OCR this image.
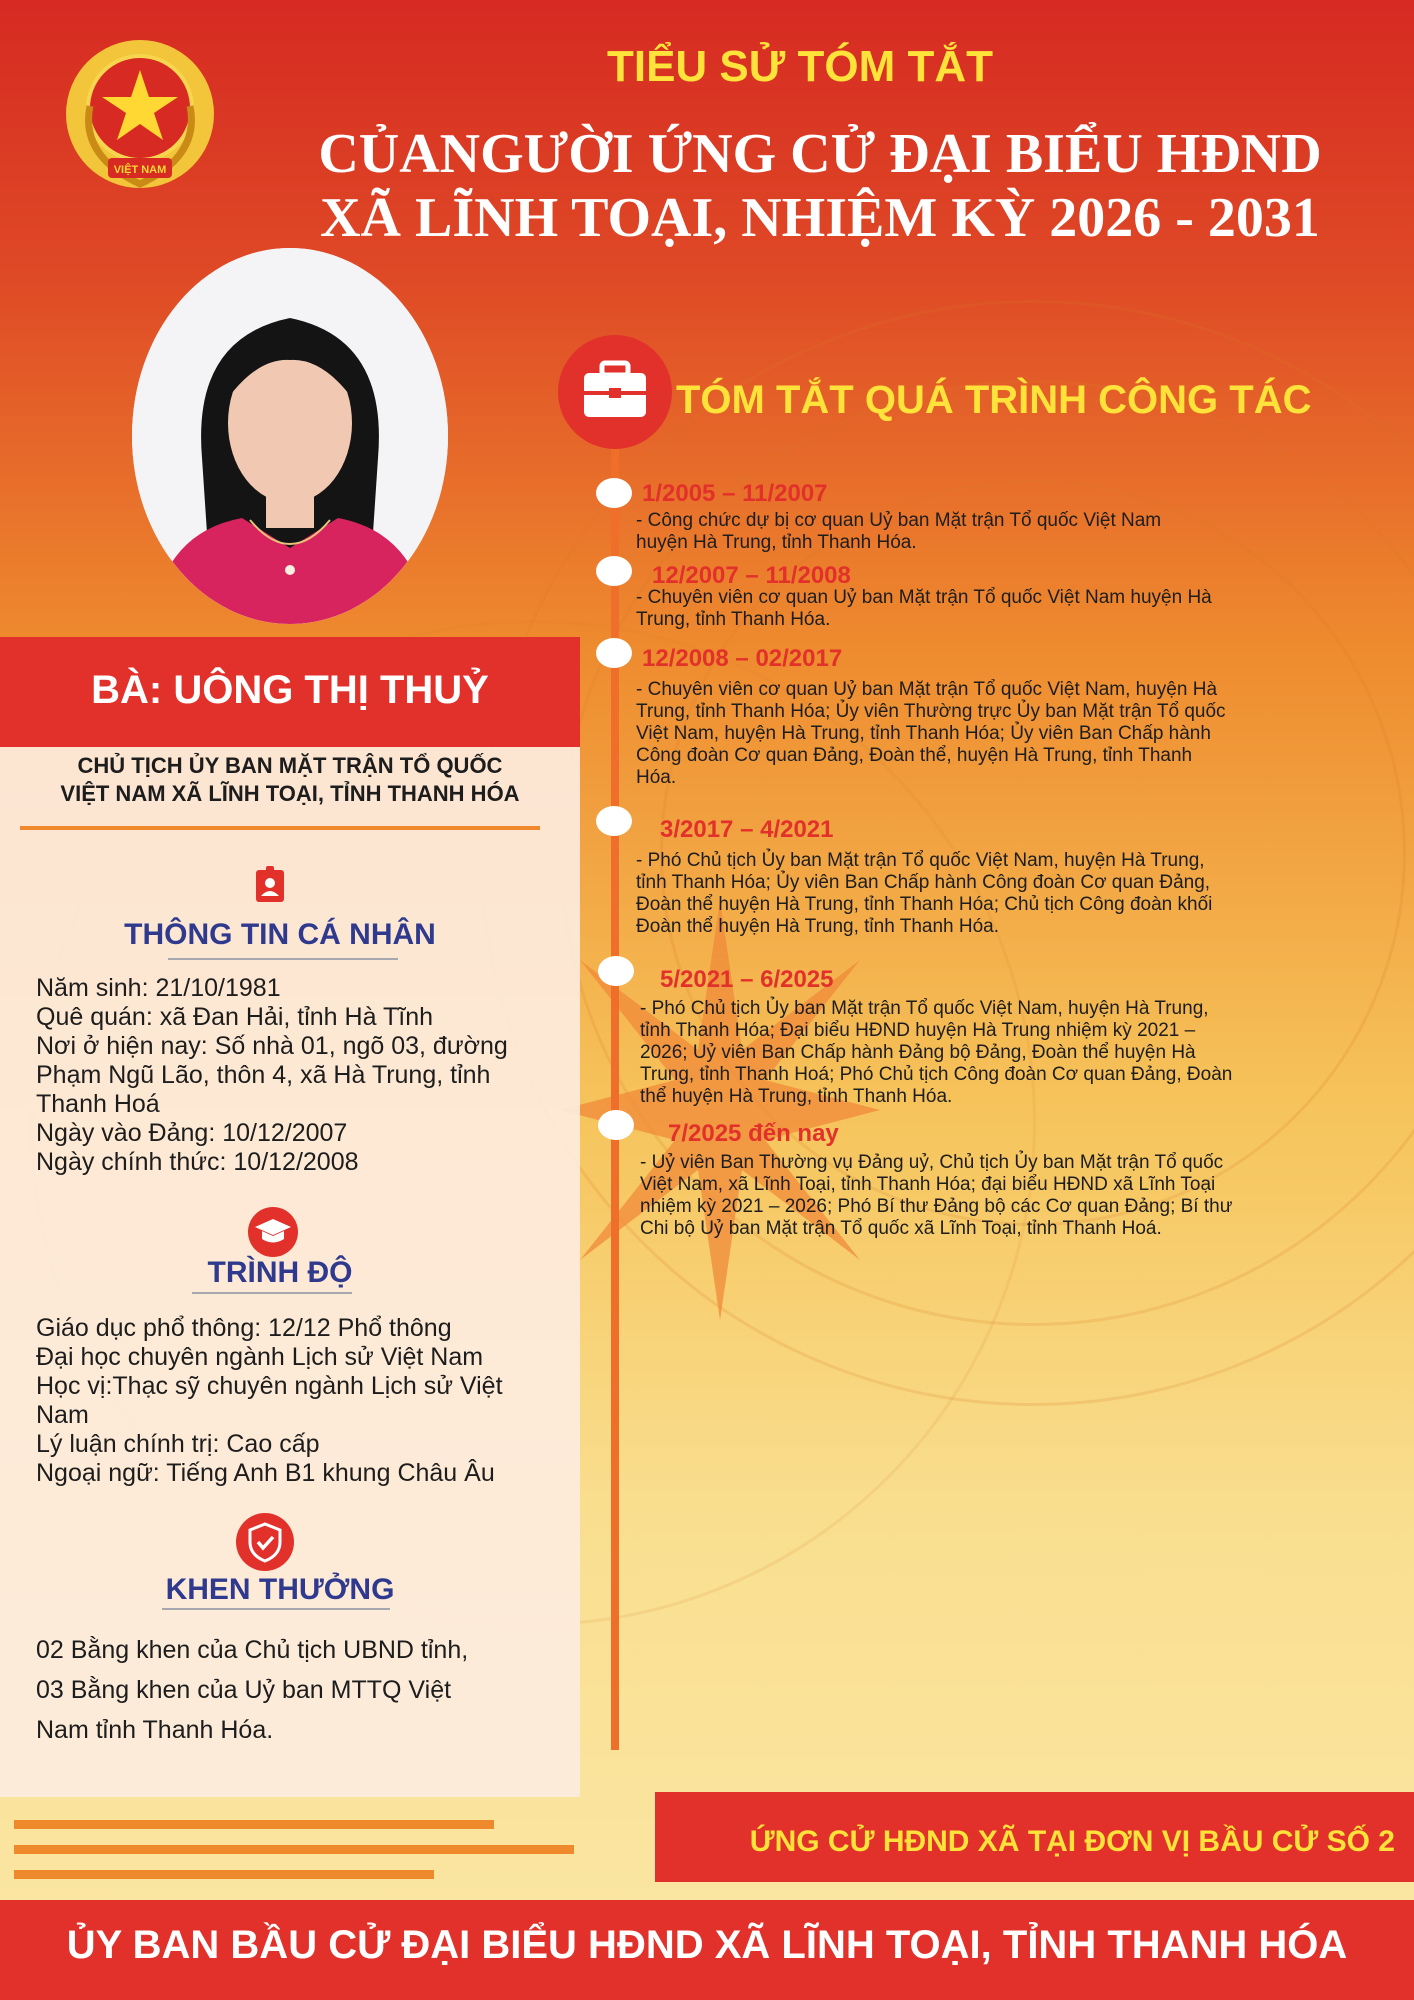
VIỆT NAM
TIỂU SỬ TÓM TẮT
CỦANGƯỜI ỨNG CỬ ĐẠI BIỂU HĐND
XÃ LĨNH TOẠI, NHIỆM KỲ 2026 - 2031
BÀ: UÔNG THỊ THUỶ
CHỦ TỊCH ỦY BAN MẶT TRẬN TỔ QUỐC
VIỆT NAM XÃ LĨNH TOẠI, TỈNH THANH HÓA
THÔNG TIN CÁ NHÂN
Năm sinh: 21/10/1981
Quê quán: xã Đan Hải, tỉnh Hà Tĩnh
Nơi ở hiện nay: Số nhà 01, ngõ 03, đường
Phạm Ngũ Lão, thôn 4, xã Hà Trung, tỉnh
Thanh Hoá
Ngày vào Đảng: 10/12/2007
Ngày chính thức: 10/12/2008
TRÌNH ĐỘ
Giáo dục phổ thông: 12/12 Phổ thông
Đại học chuyên ngành Lịch sử Việt Nam
Học vị:Thạc sỹ chuyên ngành Lịch sử Việt
Nam
Lý luận chính trị: Cao cấp
Ngoại ngữ: Tiếng Anh B1 khung Châu Âu
KHEN THƯỞNG
02 Bằng khen của Chủ tịch UBND tỉnh,
03 Bằng khen của Uỷ ban MTTQ Việt
Nam tỉnh Thanh Hóa.
TÓM TẮT QUÁ TRÌNH CÔNG TÁC
1/2005 – 11/2007
- Công chức dự bị cơ quan Uỷ ban Mặt trận Tổ quốc Việt Nam
huyện Hà Trung, tỉnh Thanh Hóa.
12/2007 – 11/2008
- Chuyên viên cơ quan Uỷ ban Mặt trận Tổ quốc Việt Nam huyện Hà
Trung, tỉnh Thanh Hóa.
12/2008 – 02/2017
- Chuyên viên cơ quan Uỷ ban Mặt trận Tổ quốc Việt Nam, huyện Hà
Trung, tỉnh Thanh Hóa; Ủy viên Thường trực Ủy ban Mặt trận Tổ quốc
Việt Nam, huyện Hà Trung, tỉnh Thanh Hóa; Ủy viên Ban Chấp hành
Công đoàn Cơ quan Đảng, Đoàn thể, huyện Hà Trung, tỉnh Thanh
Hóa.
3/2017 – 4/2021
- Phó Chủ tịch Ủy ban Mặt trận Tổ quốc Việt Nam, huyện Hà Trung,
tỉnh Thanh Hóa; Ủy viên Ban Chấp hành Công đoàn Cơ quan Đảng,
Đoàn thể huyện Hà Trung, tỉnh Thanh Hóa; Chủ tịch Công đoàn khối
Đoàn thể huyện Hà Trung, tỉnh Thanh Hóa.
5/2021 – 6/2025
- Phó Chủ tịch Ủy ban Mặt trận Tổ quốc Việt Nam, huyện Hà Trung,
tỉnh Thanh Hóa; Đại biểu HĐND huyện Hà Trung nhiệm kỳ 2021 –
2026; Uỷ viên Ban Chấp hành Đảng bộ Đảng, Đoàn thể huyện Hà
Trung, tỉnh Thanh Hoá; Phó Chủ tịch Công đoàn Cơ quan Đảng, Đoàn
thể huyện Hà Trung, tỉnh Thanh Hóa.
7/2025 đến nay
- Uỷ viên Ban Thường vụ Đảng uỷ, Chủ tịch Ủy ban Mặt trận Tổ quốc
Việt Nam, xã Lĩnh Toại, tỉnh Thanh Hóa; đại biểu HĐND xã Lĩnh Toại
nhiệm kỳ 2021 – 2026; Phó Bí thư Đảng bộ các Cơ quan Đảng; Bí thư
Chi bộ Uỷ ban Mặt trận Tổ quốc xã Lĩnh Toại, tỉnh Thanh Hoá.
ỨNG CỬ HĐND XÃ TẠI ĐƠN VỊ BẦU CỬ SỐ 2
ỦY BAN BẦU CỬ ĐẠI BIỂU HĐND XÃ LĨNH TOẠI, TỈNH THANH HÓA
